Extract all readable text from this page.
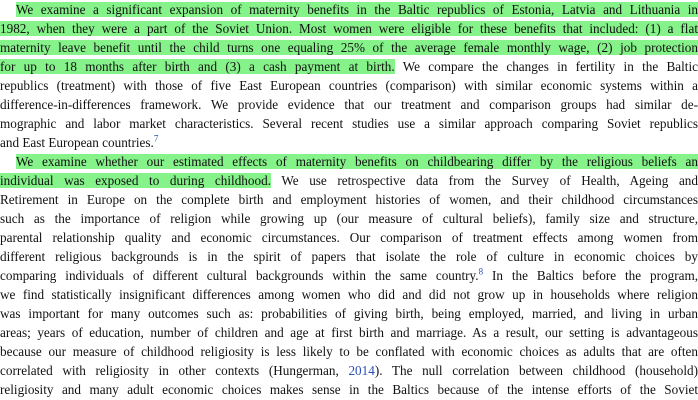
We examine a significant expansion of maternity benefits in the Baltic republics of Estonia, Latvia and Lithuania in
1982, when they were a part of the Soviet Union. Most women were eligible for these benefits that included: (1) a flat
maternity leave benefit until the child turns one equaling 25% of the average female monthly wage, (2) job protection
for up to 18 months after birth and (3) a cash payment at birth. We compare the changes in fertility in the Baltic
republics (treatment) with those of five East European countries (comparison) with similar economic systems within a
difference-in-differences framework. We provide evidence that our treatment and comparison groups had similar de-
mographic and labor market characteristics. Several recent studies use a similar approach comparing Soviet republics
and East European countries.$^7$
We examine whether our estimated effects of maternity benefits on childbearing differ by the religious beliefs an
individual was exposed to during childhood. We use retrospective data from the Survey of Health, Ageing and
Retirement in Europe on the complete birth and employment histories of women, and their childhood circumstances
such as the importance of religion while growing up (our measure of cultural beliefs), family size and structure,
parental relationship quality and economic circumstances. Our comparison of treatment effects among women from
different religious backgrounds is in the spirit of papers that isolate the role of culture in economic choices by
comparing individuals of different cultural backgrounds within the same country.$^8$ In the Baltics before the program,
we find statistically insignificant differences among women who did and did not grow up in households where religion
was important for many outcomes such as: probabilities of giving birth, being employed, married, and living in urban
areas; years of education, number of children and age at first birth and marriage. As a result, our setting is advantageous
because our measure of childhood religiosity is less likely to be conflated with economic choices as adults that are often
correlated with religiosity in other contexts (Hungerman, 2014). The null correlation between childhood (household)
religiosity and many adult economic choices makes sense in the Baltics because of the intense efforts of the Soviet
